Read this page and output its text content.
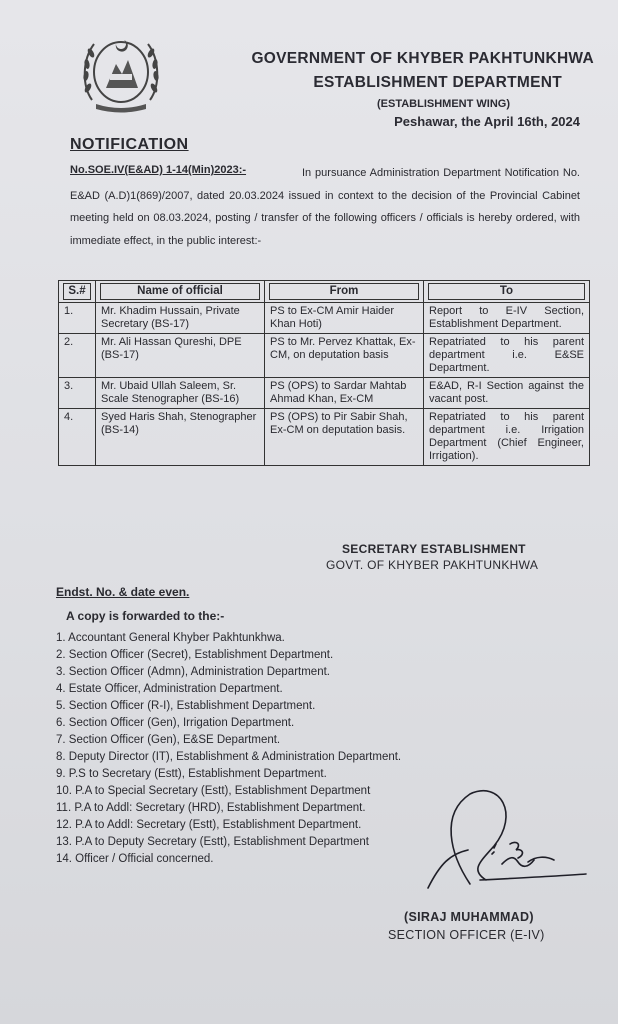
GOVERNMENT OF KHYBER PAKHTUNKHWA
ESTABLISHMENT DEPARTMENT
(ESTABLISHMENT WING)
Peshawar, the April 16th, 2024
NOTIFICATION
In pursuance Administration Department Notification No. E&AD (A.D)1(869)/2007, dated 20.03.2024 issued in context to the decision of the Provincial Cabinet meeting held on 08.03.2024, posting / transfer of the following officers / officials is hereby ordered, with immediate effect, in the public interest:-
No.SOE.IV(E&AD) 1-14(Min)2023:-
S.#	Name of official	From	To

1.	Mr. Khadim Hussain, Private Secretary (BS-17)	PS to Ex-CM Amir Haider Khan Hoti)	Report to E-IV Section, Establishment Department.
2.	Mr. Ali Hassan Qureshi, DPE (BS-17)	PS to Mr. Pervez Khattak, Ex-CM, on deputation basis	Repatriated to his parent department i.e. E&SE Department.
3.	Mr. Ubaid Ullah Saleem, Sr. Scale Stenographer (BS-16)	PS (OPS) to Sardar Mahtab Ahmad Khan, Ex-CM	E&AD, R-I Section against the vacant post.
4.	Syed Haris Shah, Stenographer (BS-14)	PS (OPS) to Pir Sabir Shah, Ex-CM on deputation basis.	Repatriated to his parent department i.e. Irrigation Department (Chief Engineer, Irrigation).
SECRETARY ESTABLISHMENT
GOVT. OF KHYBER PAKHTUNKHWA
Endst. No. & date even.
A copy is forwarded to the:-
1. Accountant General Khyber Pakhtunkhwa.
2. Section Officer (Secret), Establishment Department.
3. Section Officer (Admn), Administration Department.
4. Estate Officer, Administration Department.
5. Section Officer (R-I), Establishment Department.
6. Section Officer (Gen), Irrigation Department.
7. Section Officer (Gen), E&SE Department.
8. Deputy Director (IT), Establishment & Administration Department.
9. P.S to Secretary (Estt), Establishment Department.
10. P.A to Special Secretary (Estt), Establishment Department
11. P.A to Addl: Secretary (HRD), Establishment Department.
12. P.A to Addl: Secretary (Estt), Establishment Department.
13. P.A to Deputy Secretary (Estt), Establishment Department
14. Officer / Official concerned.
(SIRAJ MUHAMMAD)
SECTION OFFICER (E-IV)
